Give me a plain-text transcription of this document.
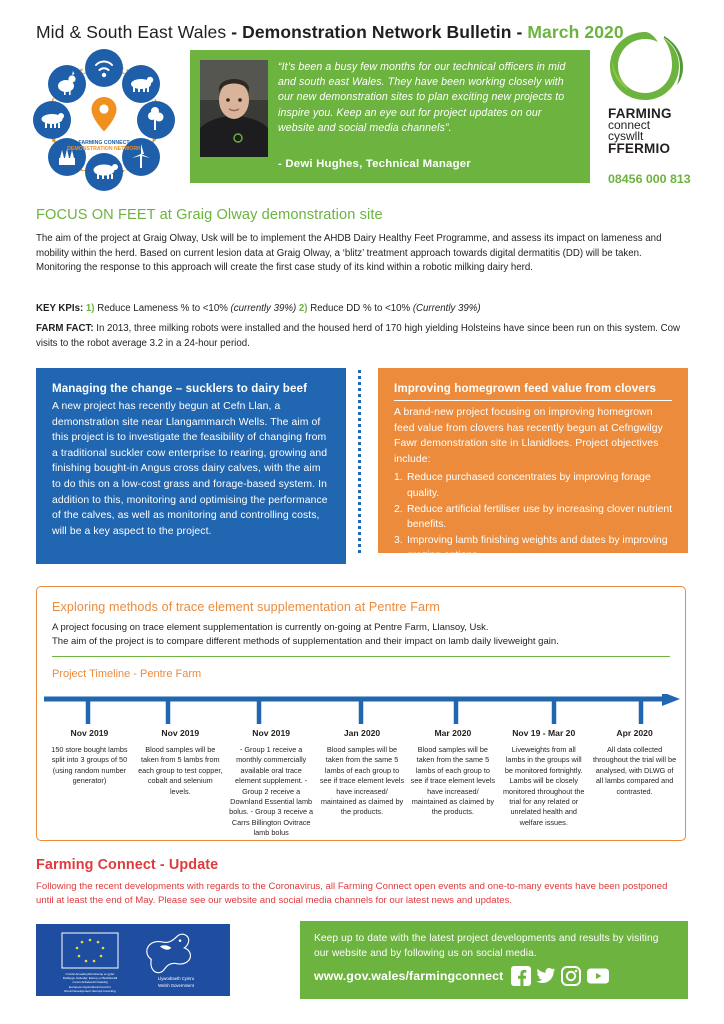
Mid & South East Wales - Demonstration Network Bulletin - March 2020
FARMING CONNECT
DEMONSTRATION NETWORK
“It’s been a busy few months for our technical officers in mid and south east Wales. They have been working closely with our new demonstration sites to plan exciting new projects to inspire you. Keep an eye out for project updates on our website and social media channels”.
- Dewi Hughes, Technical Manager
FARMING
connect
cyswllt
FFERMIO
08456 000 813
FOCUS ON FEET at Graig Olway demonstration site
The aim of the project at Graig Olway, Usk will be to implement the AHDB Dairy Healthy Feet Programme, and assess its impact on lameness and mobility within the herd. Based on current lesion data at Graig Olway, a ‘blitz’ treatment approach towards digital dermatitis (DD) will be taken. Monitoring the response to this approach will create the first case study of its kind within a robotic milking dairy herd.
KEY KPIs: 1) Reduce Lameness % to <10% (currently 39%) 2) Reduce DD % to <10% (Currently 39%)
FARM FACT: In 2013, three milking robots were installed and the housed herd of 170 high yielding Holsteins have since been run on this system. Cow visits to the robot average 3.2 in a 24-hour period.
Managing the change – sucklers to dairy beef
A new project has recently begun at Cefn Llan, a demonstration site near Llangammarch Wells. The aim of this project is to investigate the feasibility of changing from a traditional suckler cow enterprise to rearing, growing and finishing bought-in Angus cross dairy calves, with the aim to do this on a low-cost grass and forage-based system. In addition to this, monitoring and optimising the performance of the calves, as well as monitoring and controlling costs, will be a key aspect to the project.
Improving homegrown feed value from clovers
A brand-new project focusing on improving homegrown feed value from clovers has recently begun at Cefngwilgy Fawr demonstration site in Llanidloes. Project objectives include:
1. Reduce purchased concentrates by improving forage quality.
2. Reduce artificial fertiliser use by increasing clover nutrient benefits.
3. Improving lamb finishing weights and dates by improving grazing options.
Exploring methods of trace element supplementation at Pentre Farm
A project focusing on trace element supplementation is currently on-going at Pentre Farm, Llansoy, Usk.
The aim of the project is to compare different methods of supplementation and their impact on lamb daily liveweight gain.
Project Timeline - Pentre Farm
Nov 2019
150 store bought lambs split into 3 groups of 50 (using random number generator)
Nov 2019
Blood samples will be taken from 5 lambs from each group to test copper, cobalt and selenium levels.
Nov 2019
- Group 1 receive a monthly commercially available oral trace element supplement. - Group 2 receive a Downland Essential lamb bolus. - Group 3 receive a Carrs Billington Ovitrace lamb bolus
Jan 2020
Blood samples will be taken from the same 5 lambs of each group to see if trace element levels have increased/ maintained as claimed by the products.
Mar 2020
Blood samples will be taken from the same 5 lambs of each group to see if trace element levels have increased/ maintained as claimed by the products.
Nov 19 - Mar 20
Liveweights from all lambs in the groups will be monitored fortnightly. Lambs will be closely monitored throughout the trial for any related or unrelated health and welfare issues.
Apr 2020
All data collected throughout the trial will be analysed, with DLWG of all lambs compared and contrasted.
Farming Connect - Update
Following the recent developments with regards to the Coronavirus, all Farming Connect open events and one-to-many events have been postponed until at least the end of May. Please see our website and social media channels for our latest news and updates.
Cronfa Amaethyddol Ewrop ar gyfer
Datblygu Gwledig: Ewrop yn Buddsoddi
mewn Ardaloedd Gwledig
European Agricultural Fund for
Rural Development: Europe Investing
Llywodraeth Cymru
Welsh Government
Keep up to date with the latest project developments and results by visiting our website and by following us on social media.
www.gov.wales/farmingconnect
